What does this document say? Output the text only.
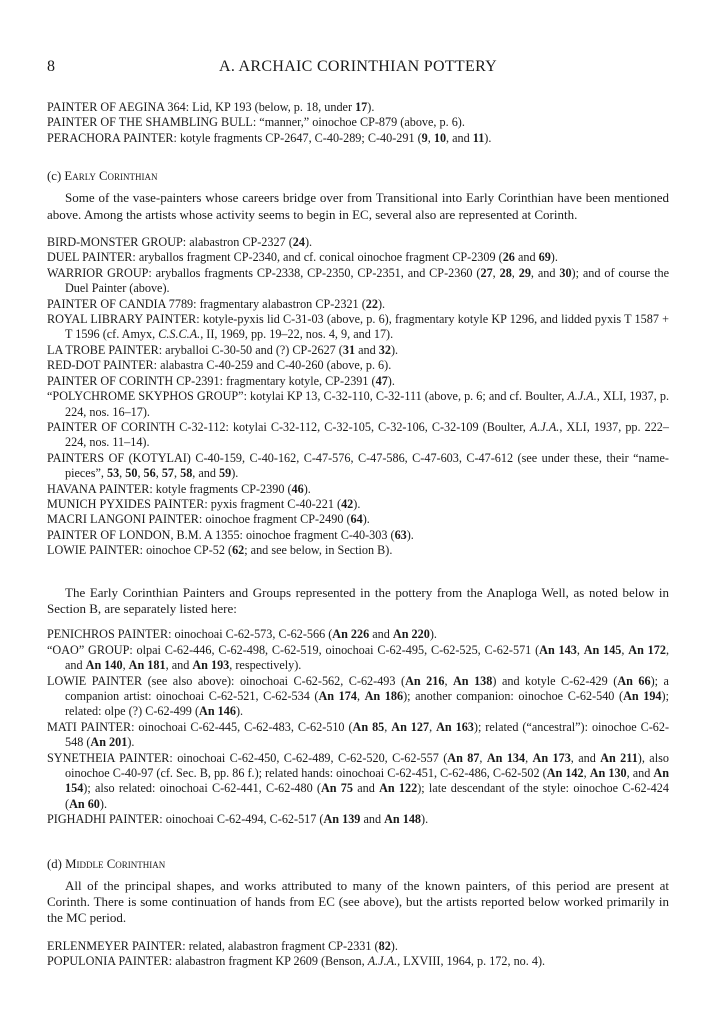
8	A. ARCHAIC CORINTHIAN POTTERY
PAINTER OF AEGINA 364: Lid, KP 193 (below, p. 18, under 17).
PAINTER OF THE SHAMBLING BULL: “manner,” oinochoe CP-879 (above, p. 6).
PERACHORA PAINTER: kotyle fragments CP-2647, C-40-289; C-40-291 (9, 10, and 11).

(c) Early Corinthian

Some of the vase-painters whose careers bridge over from Transitional into Early Corinthian have been mentioned above. Among the artists whose activity seems to begin in EC, several also are represented at Corinth.

BIRD-MONSTER GROUP: alabastron CP-2327 (24).
DUEL PAINTER: aryballos fragment CP-2340, and cf. conical oinochoe fragment CP-2309 (26 and 69).
WARRIOR GROUP: aryballos fragments CP-2338, CP-2350, CP-2351, and CP-2360 (27, 28, 29, and 30); and of course the Duel Painter (above).
PAINTER OF CANDIA 7789: fragmentary alabastron CP-2321 (22).
ROYAL LIBRARY PAINTER: kotyle-pyxis lid C-31-03 (above, p. 6), fragmentary kotyle KP 1296, and lidded pyxis T 1587 + T 1596 (cf. Amyx, C.S.C.A., II, 1969, pp. 19–22, nos. 4, 9, and 17).
LA TROBE PAINTER: aryballoi C-30-50 and (?) CP-2627 (31 and 32).
RED-DOT PAINTER: alabastra C-40-259 and C-40-260 (above, p. 6).
PAINTER OF CORINTH CP-2391: fragmentary kotyle, CP-2391 (47).
“POLYCHROME SKYPHOS GROUP”: kotylai KP 13, C-32-110, C-32-111 (above, p. 6; and cf. Boulter, A.J.A., XLI, 1937, p. 224, nos. 16–17).
PAINTER OF CORINTH C-32-112: kotylai C-32-112, C-32-105, C-32-106, C-32-109 (Boulter, A.J.A., XLI, 1937, pp. 222–224, nos. 11–14).
PAINTERS OF (KOTYLAI) C-40-159, C-40-162, C-47-576, C-47-586, C-47-603, C-47-612 (see under these, their “name-pieces”, 53, 50, 56, 57, 58, and 59).
HAVANA PAINTER: kotyle fragments CP-2390 (46).
MUNICH PYXIDES PAINTER: pyxis fragment C-40-221 (42).
MACRI LANGONI PAINTER: oinochoe fragment CP-2490 (64).
PAINTER OF LONDON, B.M. A 1355: oinochoe fragment C-40-303 (63).
LOWIE PAINTER: oinochoe CP-52 (62; and see below, in Section B).

The Early Corinthian Painters and Groups represented in the pottery from the Anaploga Well, as noted below in Section B, are separately listed here:

PENICHROS PAINTER: oinochoai C-62-573, C-62-566 (An 226 and An 220).
“OAO” GROUP: olpai C-62-446, C-62-498, C-62-519, oinochoai C-62-495, C-62-525, C-62-571 (An 143, An 145, An 172, and An 140, An 181, and An 193, respectively).
LOWIE PAINTER (see also above): oinochoai C-62-562, C-62-493 (An 216, An 138) and kotyle C-62-429 (An 66); a companion artist: oinochoai C-62-521, C-62-534 (An 174, An 186); another companion: oinochoe C-62-540 (An 194); related: olpe (?) C-62-499 (An 146).
MATI PAINTER: oinochoai C-62-445, C-62-483, C-62-510 (An 85, An 127, An 163); related (“ancestral”): oinochoe C-62-548 (An 201).
SYNETHEIA PAINTER: oinochoai C-62-450, C-62-489, C-62-520, C-62-557 (An 87, An 134, An 173, and An 211), also oinochoe C-40-97 (cf. Sec. B, pp. 86 f.); related hands: oinochoai C-62-451, C-62-486, C-62-502 (An 142, An 130, and An 154); also related: oinochoai C-62-441, C-62-480 (An 75 and An 122); late descendant of the style: oinochoe C-62-424 (An 60).
PIGHADHI PAINTER: oinochoai C-62-494, C-62-517 (An 139 and An 148).

(d) Middle Corinthian

All of the principal shapes, and works attributed to many of the known painters, of this period are present at Corinth. There is some continuation of hands from EC (see above), but the artists reported below worked primarily in the MC period.

ERLENMEYER PAINTER: related, alabastron fragment CP-2331 (82).
POPULONIA PAINTER: alabastron fragment KP 2609 (Benson, A.J.A., LXVIII, 1964, p. 172, no. 4).
